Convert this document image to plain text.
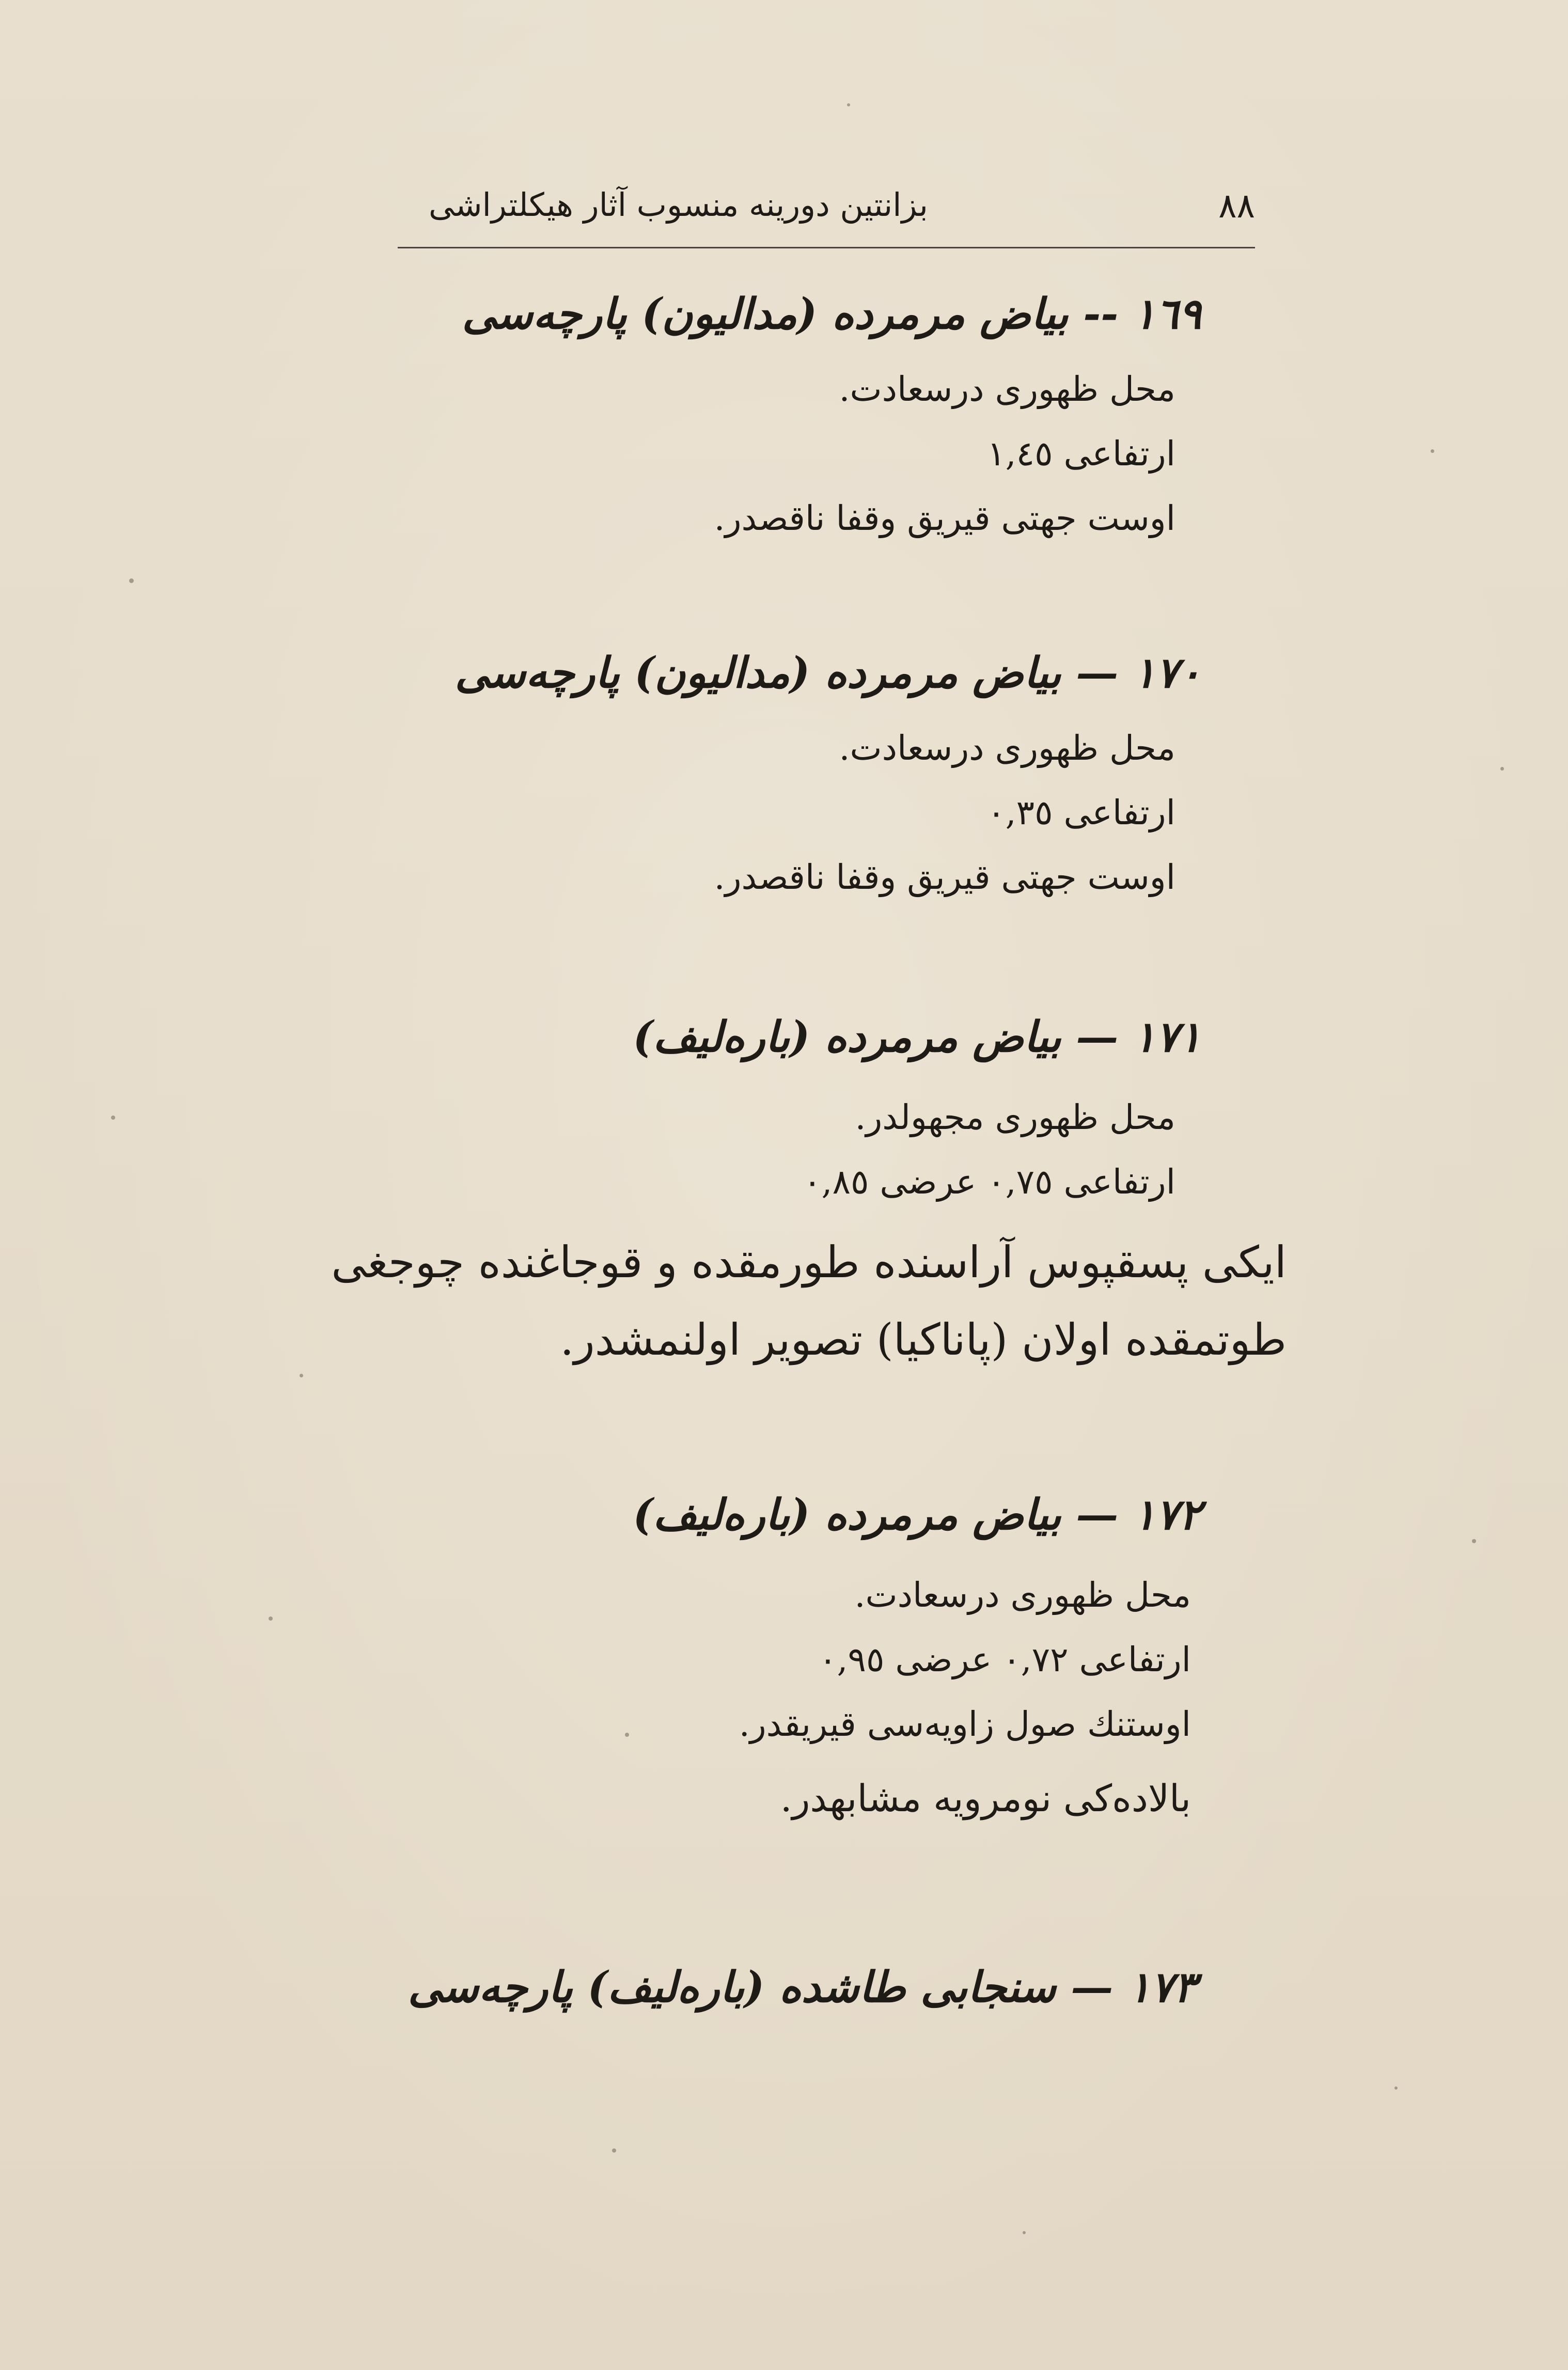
٨٨
بزانتين دورينه منسوب آثار هيكلتراشى
١٦٩ -- بياض مرمرده (مدالیون) پارچه‌سى
محل ظهورى درسعادت.
ارتفاعى ١,٤٥
اوست جهتى قيريق وقفا ناقصدر.
١٧٠ — بياض مرمرده (مدالیون) پارچه‌سى
محل ظهورى درسعادت.
ارتفاعى ٠,٣٥
اوست جهتى قيريق وقفا ناقصدر.
١٧١ — بياض مرمرده (باره‌لیف)
محل ظهورى مجهولدر.
ارتفاعى ٠,٧٥ عرضى ٠,٨٥
ايكى پسقپوس آراسنده طورمقده و قوجاغنده چوجغى
طوتمقده اولان (پاناكيا) تصوير اولنمشدر.
١٧٢ — بياض مرمرده (باره‌لیف)
محل ظهورى درسعادت.
ارتفاعى ٠,٧٢ عرضى ٠,٩٥
اوستنك صول زاويه‌سى قيريقدر.
بالاده‌كى نومرويه مشابهدر.
١٧٣ — سنجابى طاشده (باره‌لیف) پارچه‌سى
